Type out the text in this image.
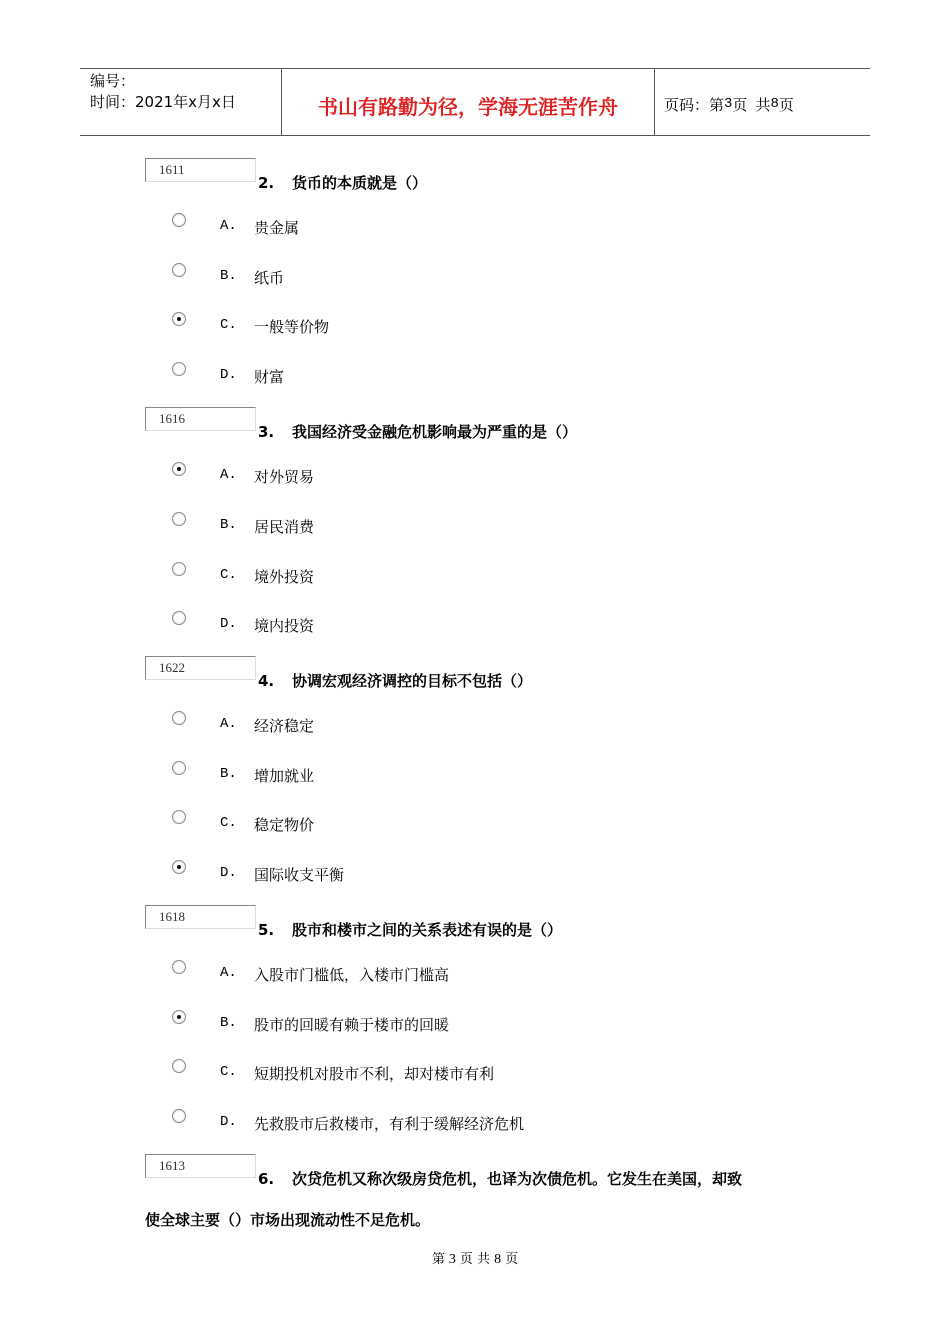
编号：
时间：2021年x月x日	书山有路勤为径，学海无涯苦作舟	页码：第 3 页 共 8 页
1611
2. 货币的本质就是（）
A. 贵金属
B. 纸币
C. 一般等价物
D. 财富
1616
3. 我国经济受金融危机影响最为严重的是（）
A. 对外贸易
B. 居民消费
C. 境外投资
D. 境内投资
1622
4. 协调宏观经济调控的目标不包括（）
A. 经济稳定
B. 增加就业
C. 稳定物价
D. 国际收支平衡
1618
5. 股市和楼市之间的关系表述有误的是（）
A. 入股市门槛低，入楼市门槛高
B. 股市的回暖有赖于楼市的回暖
C. 短期投机对股市不利，却对楼市有利
D. 先救股市后救楼市，有利于缓解经济危机
1613
6. 次贷危机又称次级房贷危机，也译为次债危机。它发生在美国，却致
使全球主要（）市场出现流动性不足危机。
第 3 页 共 8 页
